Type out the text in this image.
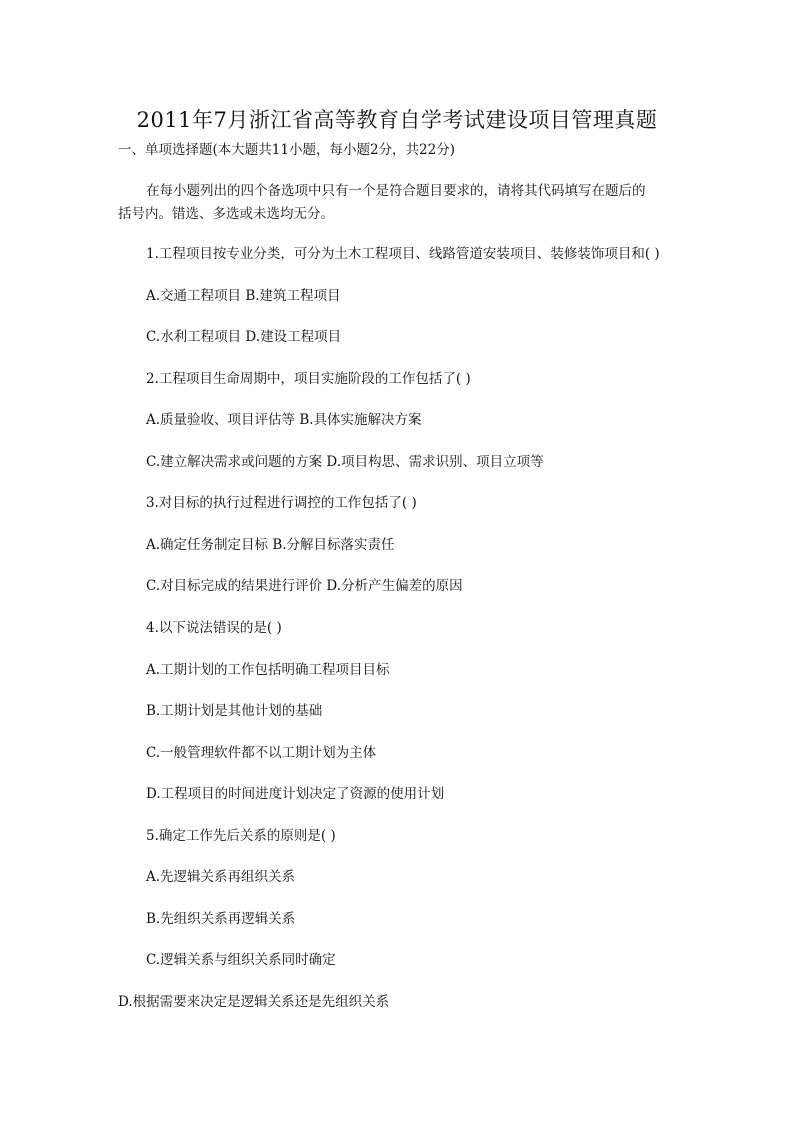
2011年7月浙江省高等教育自学考试建设项目管理真题
一、单项选择题(本大题共11小题，每小题2分，共22分)
在每小题列出的四个备选项中只有一个是符合题目要求的，请将其代码填写在题后的
括号内。错选、多选或未选均无分。
1.工程项目按专业分类，可分为土木工程项目、线路管道安装项目、装修装饰项目和( )
A.交通工程项目 B.建筑工程项目
C.水利工程项目 D.建设工程项目
2.工程项目生命周期中，项目实施阶段的工作包括了( )
A.质量验收、项目评估等 B.具体实施解决方案
C.建立解决需求或问题的方案 D.项目构思、需求识别、项目立项等
3.对目标的执行过程进行调控的工作包括了( )
A.确定任务制定目标 B.分解目标落实责任
C.对目标完成的结果进行评价 D.分析产生偏差的原因
4.以下说法错误的是( )
A.工期计划的工作包括明确工程项目目标
B.工期计划是其他计划的基础
C.一般管理软件都不以工期计划为主体
D.工程项目的时间进度计划决定了资源的使用计划
5.确定工作先后关系的原则是( )
A.先逻辑关系再组织关系
B.先组织关系再逻辑关系
C.逻辑关系与组织关系同时确定
D.根据需要来决定是逻辑关系还是先组织关系
